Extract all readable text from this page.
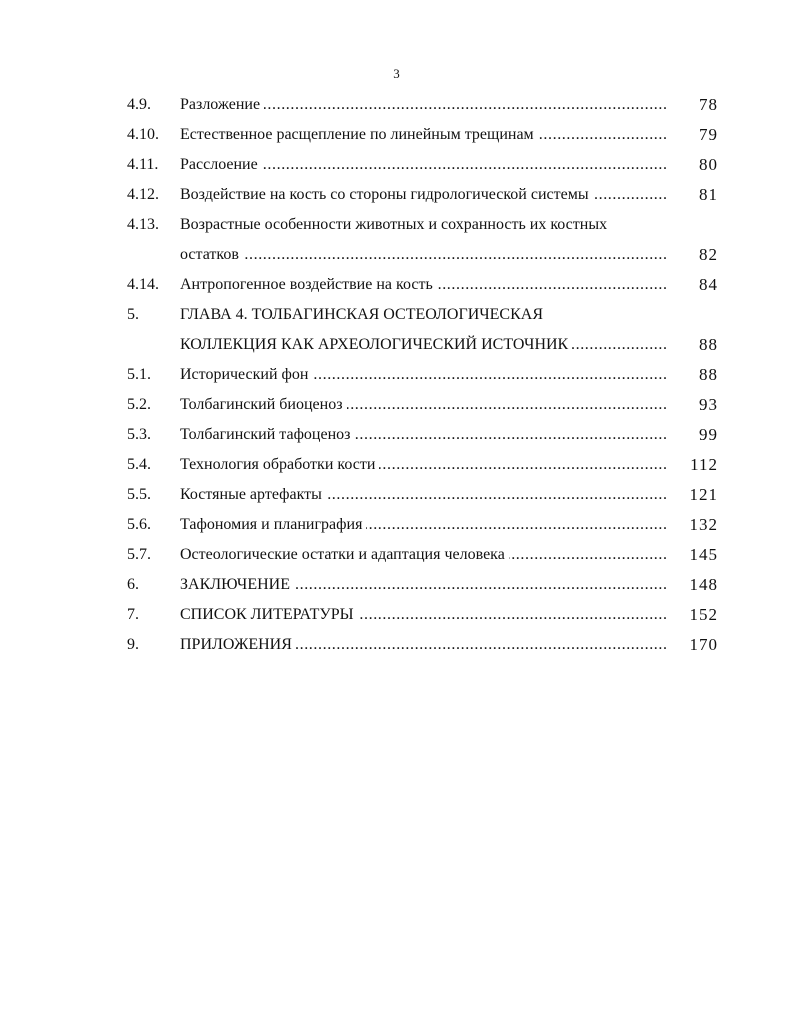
3
4.9. Разложение .....	78
4.10. Естественное расщепление по линейным трещинам .....	79
4.11. Расслоение .....	80
4.12. Воздействие на кость со стороны гидрологической системы .....	81
4.13. Возрастные особенности животных и сохранность их костных
остатков .....	82
4.14. Антропогенное воздействие на кость .....	84
5.	ГЛАВА 4. ТОЛБАГИНСКАЯ ОСТЕОЛОГИЧЕСКАЯ
КОЛЛЕКЦИЯ КАК АРХЕОЛОГИЧЕСКИЙ ИСТОЧНИК .....	88
5.1. Исторический фон .....	88
5.2. Толбагинский биоценоз .....	93
5.3. Толбагинский тафоценоз .....	99
5.4. Технология обработки кости .....	112
5.5. Костяные артефакты .....	121
5.6. Тафономия и планиграфия .....	132
5.7. Остеологические остатки и адаптация человека .....	145
6.	ЗАКЛЮЧЕНИЕ .....	148
7.	СПИСОК ЛИТЕРАТУРЫ .....	152
9.	ПРИЛОЖЕНИЯ .....	170
